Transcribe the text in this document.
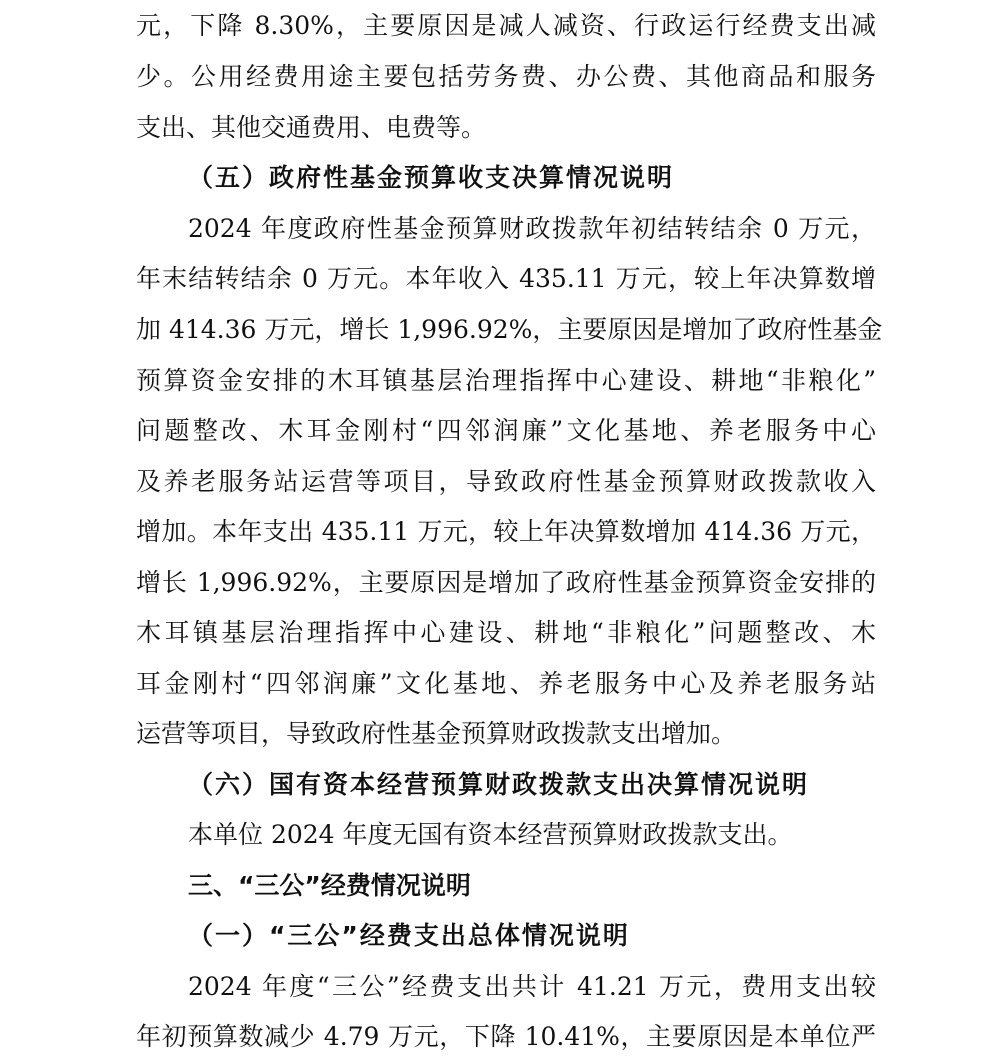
元，下降 8.30%，主要原因是减人减资、行政运行经费支出减
少。公用经费用途主要包括劳务费、办公费、其他商品和服务
支出、其他交通费用、电费等。
（五）政府性基金预算收支决算情况说明
2024 年度政府性基金预算财政拨款年初结转结余 0 万元，
年末结转结余 0 万元。本年收入 435.11 万元，较上年决算数增
加 414.36 万元，增长 1,996.92%，主要原因是增加了政府性基金
预算资金安排的木耳镇基层治理指挥中心建设、耕地“非粮化”
问题整改、木耳金刚村“四邻润廉”文化基地、养老服务中心
及养老服务站运营等项目，导致政府性基金预算财政拨款收入
增加。本年支出 435.11 万元，较上年决算数增加 414.36 万元，
增长 1,996.92%，主要原因是增加了政府性基金预算资金安排的
木耳镇基层治理指挥中心建设、耕地“非粮化”问题整改、木
耳金刚村“四邻润廉”文化基地、养老服务中心及养老服务站
运营等项目，导致政府性基金预算财政拨款支出增加。
（六）国有资本经营预算财政拨款支出决算情况说明
本单位 2024 年度无国有资本经营预算财政拨款支出。
三、“三公”经费情况说明
（一）“三公”经费支出总体情况说明
2024 年度“三公”经费支出共计 41.21 万元，费用支出较
年初预算数减少 4.79 万元，下降 10.41%，主要原因是本单位严
